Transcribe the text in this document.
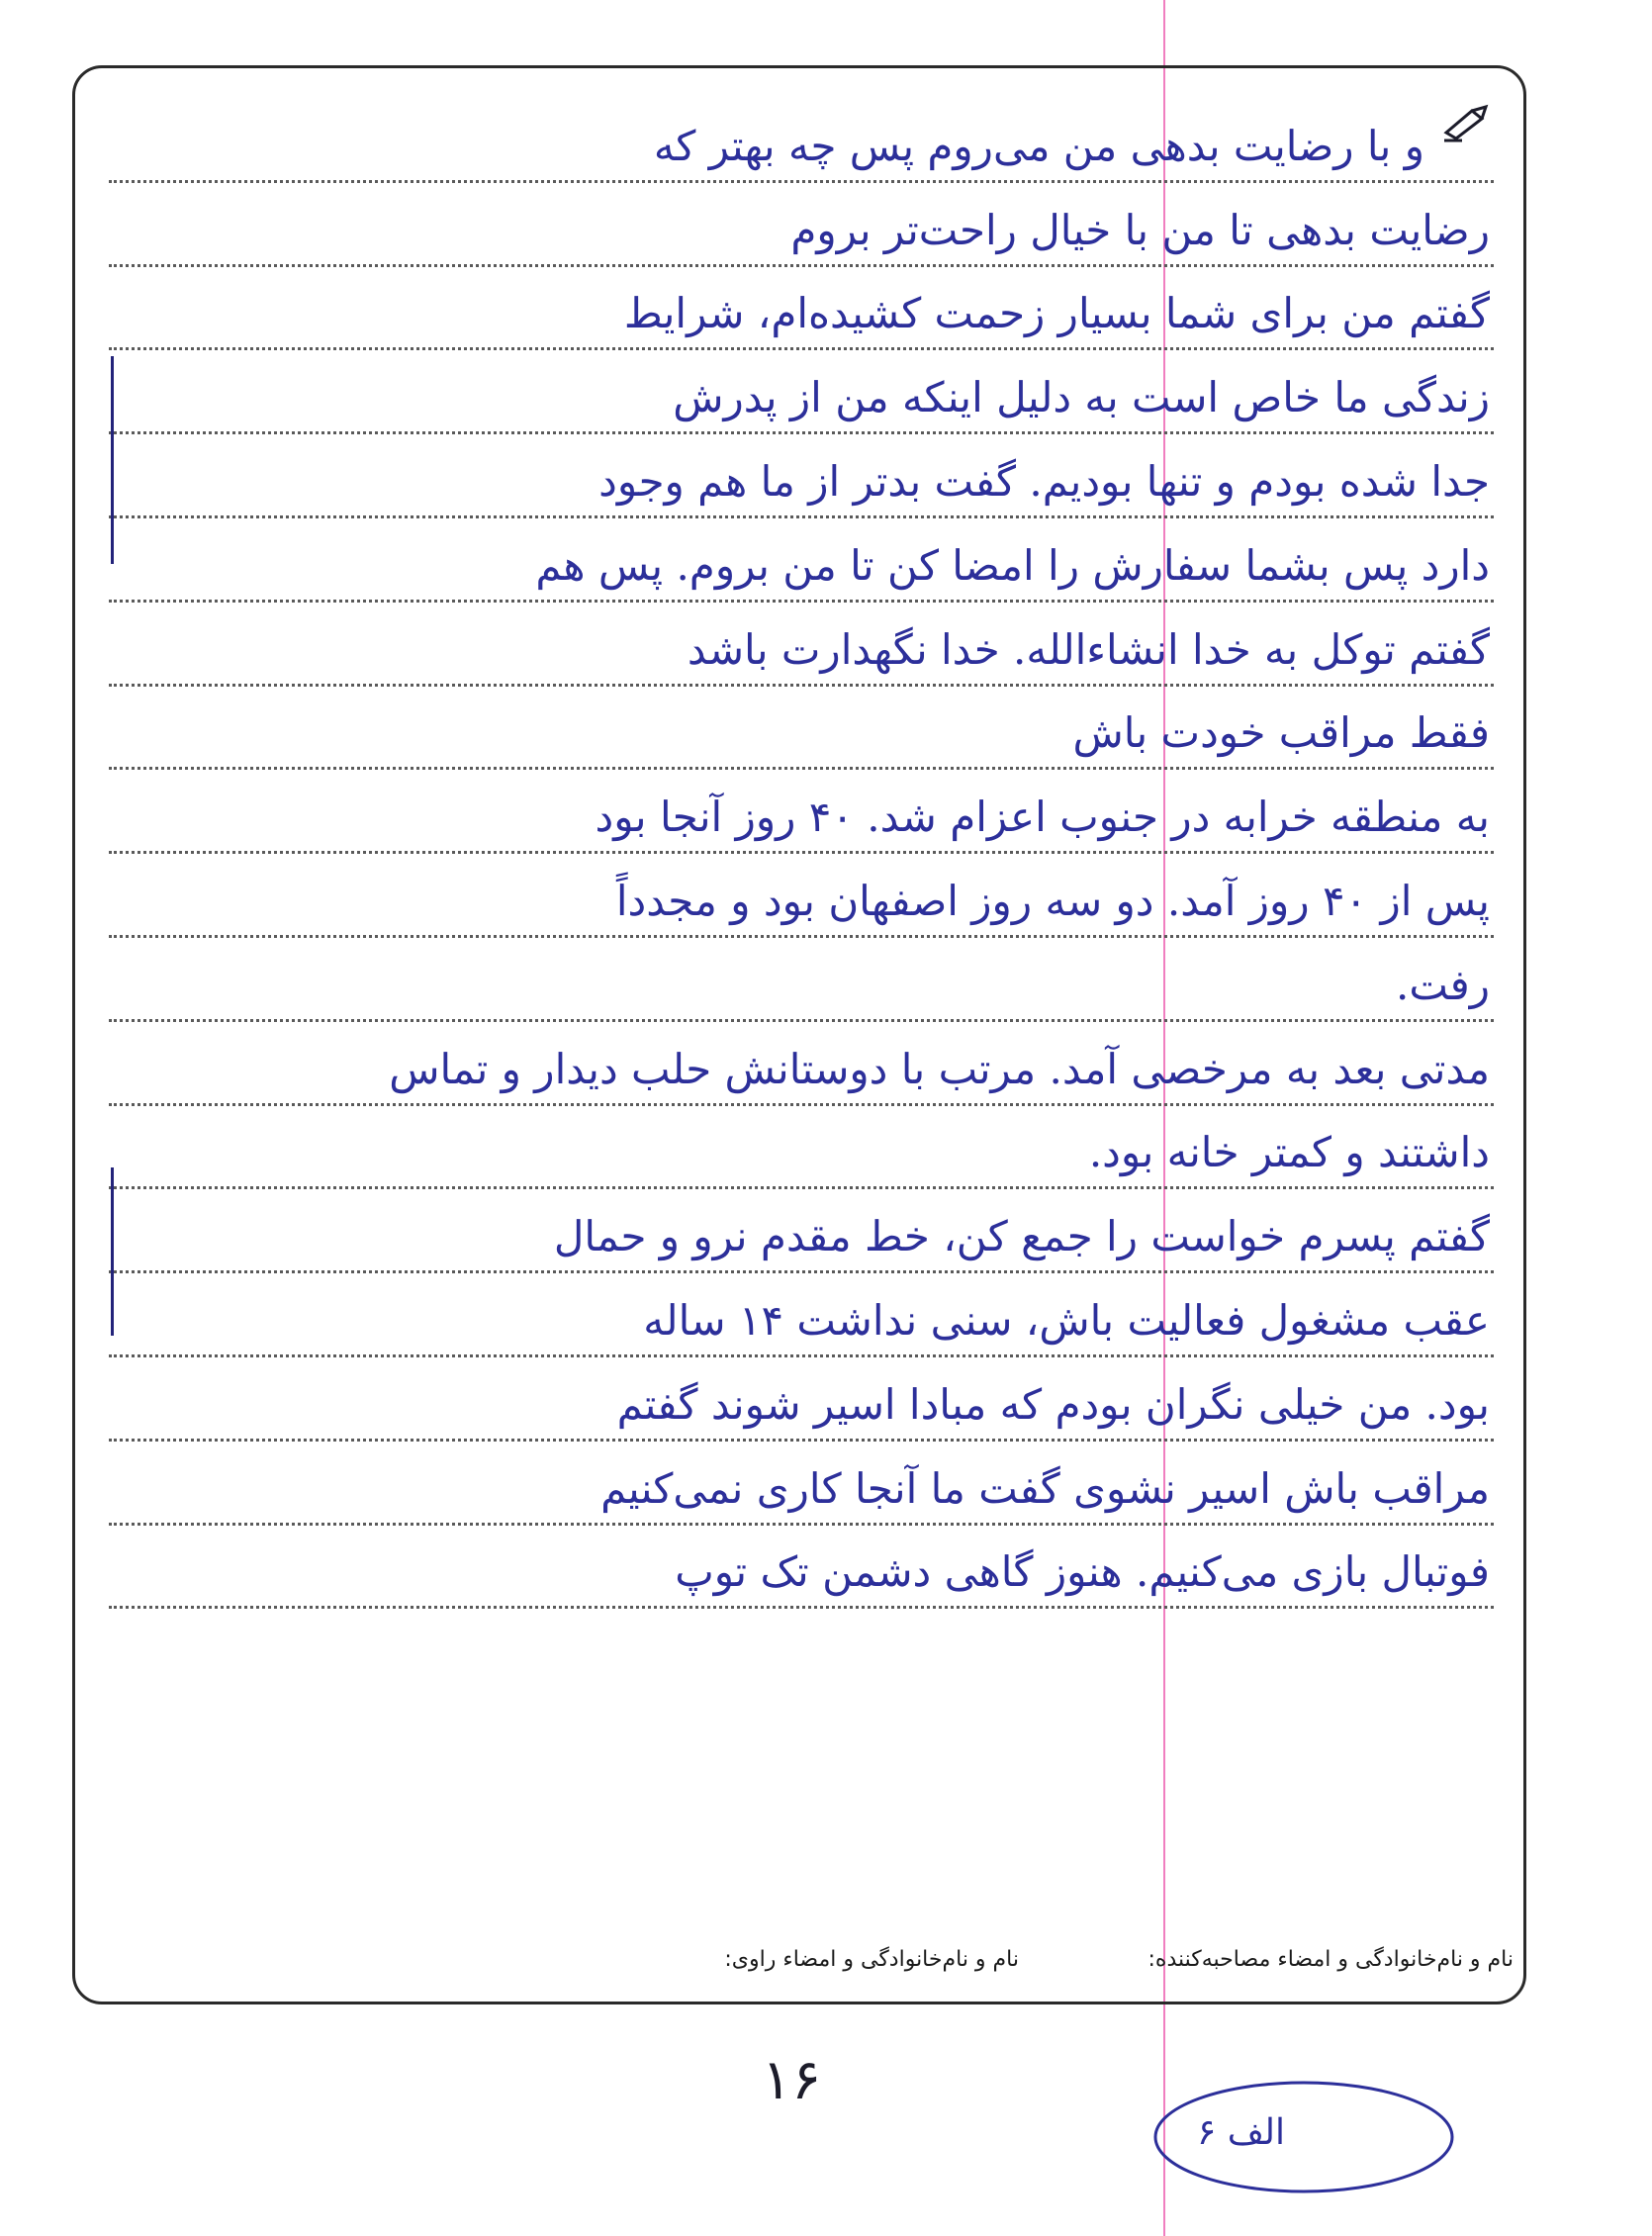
و با رضایت بدهی من می‌روم پس چه بهتر که
رضایت بدهی تا من با خیال راحت‌تر بروم
گفتم من برای شما بسیار زحمت کشیده‌ام، شرایط
زندگی ما خاص است به دلیل اینکه من از پدرش
جدا شده بودم و تنها بودیم. گفت بدتر از ما هم وجود
دارد پس بشما سفارش را امضا کن تا من بروم. پس هم
گفتم توکل به خدا انشاءالله. خدا نگهدارت باشد
فقط مراقب خودت باش
به منطقه خرابه در جنوب اعزام شد. ۴۰ روز آنجا بود
پس از ۴۰ روز آمد. دو سه روز اصفهان بود و مجدداً
رفت.
مدتی بعد به مرخصی آمد. مرتب با دوستانش حلب دیدار و تماس
داشتند و کمتر خانه بود.
گفتم پسرم خواست را جمع کن، خط مقدم نرو و حمال
عقب مشغول فعالیت باش، سنی نداشت ۱۴ ساله
بود. من خیلی نگران بودم که مبادا اسیر شوند گفتم
مراقب باش اسیر نشوی گفت ما آنجا کاری نمی‌کنیم
فوتبال بازی می‌کنیم. هنوز گاهی دشمن تک توپ
نام و نام‌خانوادگی و امضاء مصاحبه‌کننده:
نام و نام‌خانوادگی و امضاء راوی:
۱۶
الف ۶
